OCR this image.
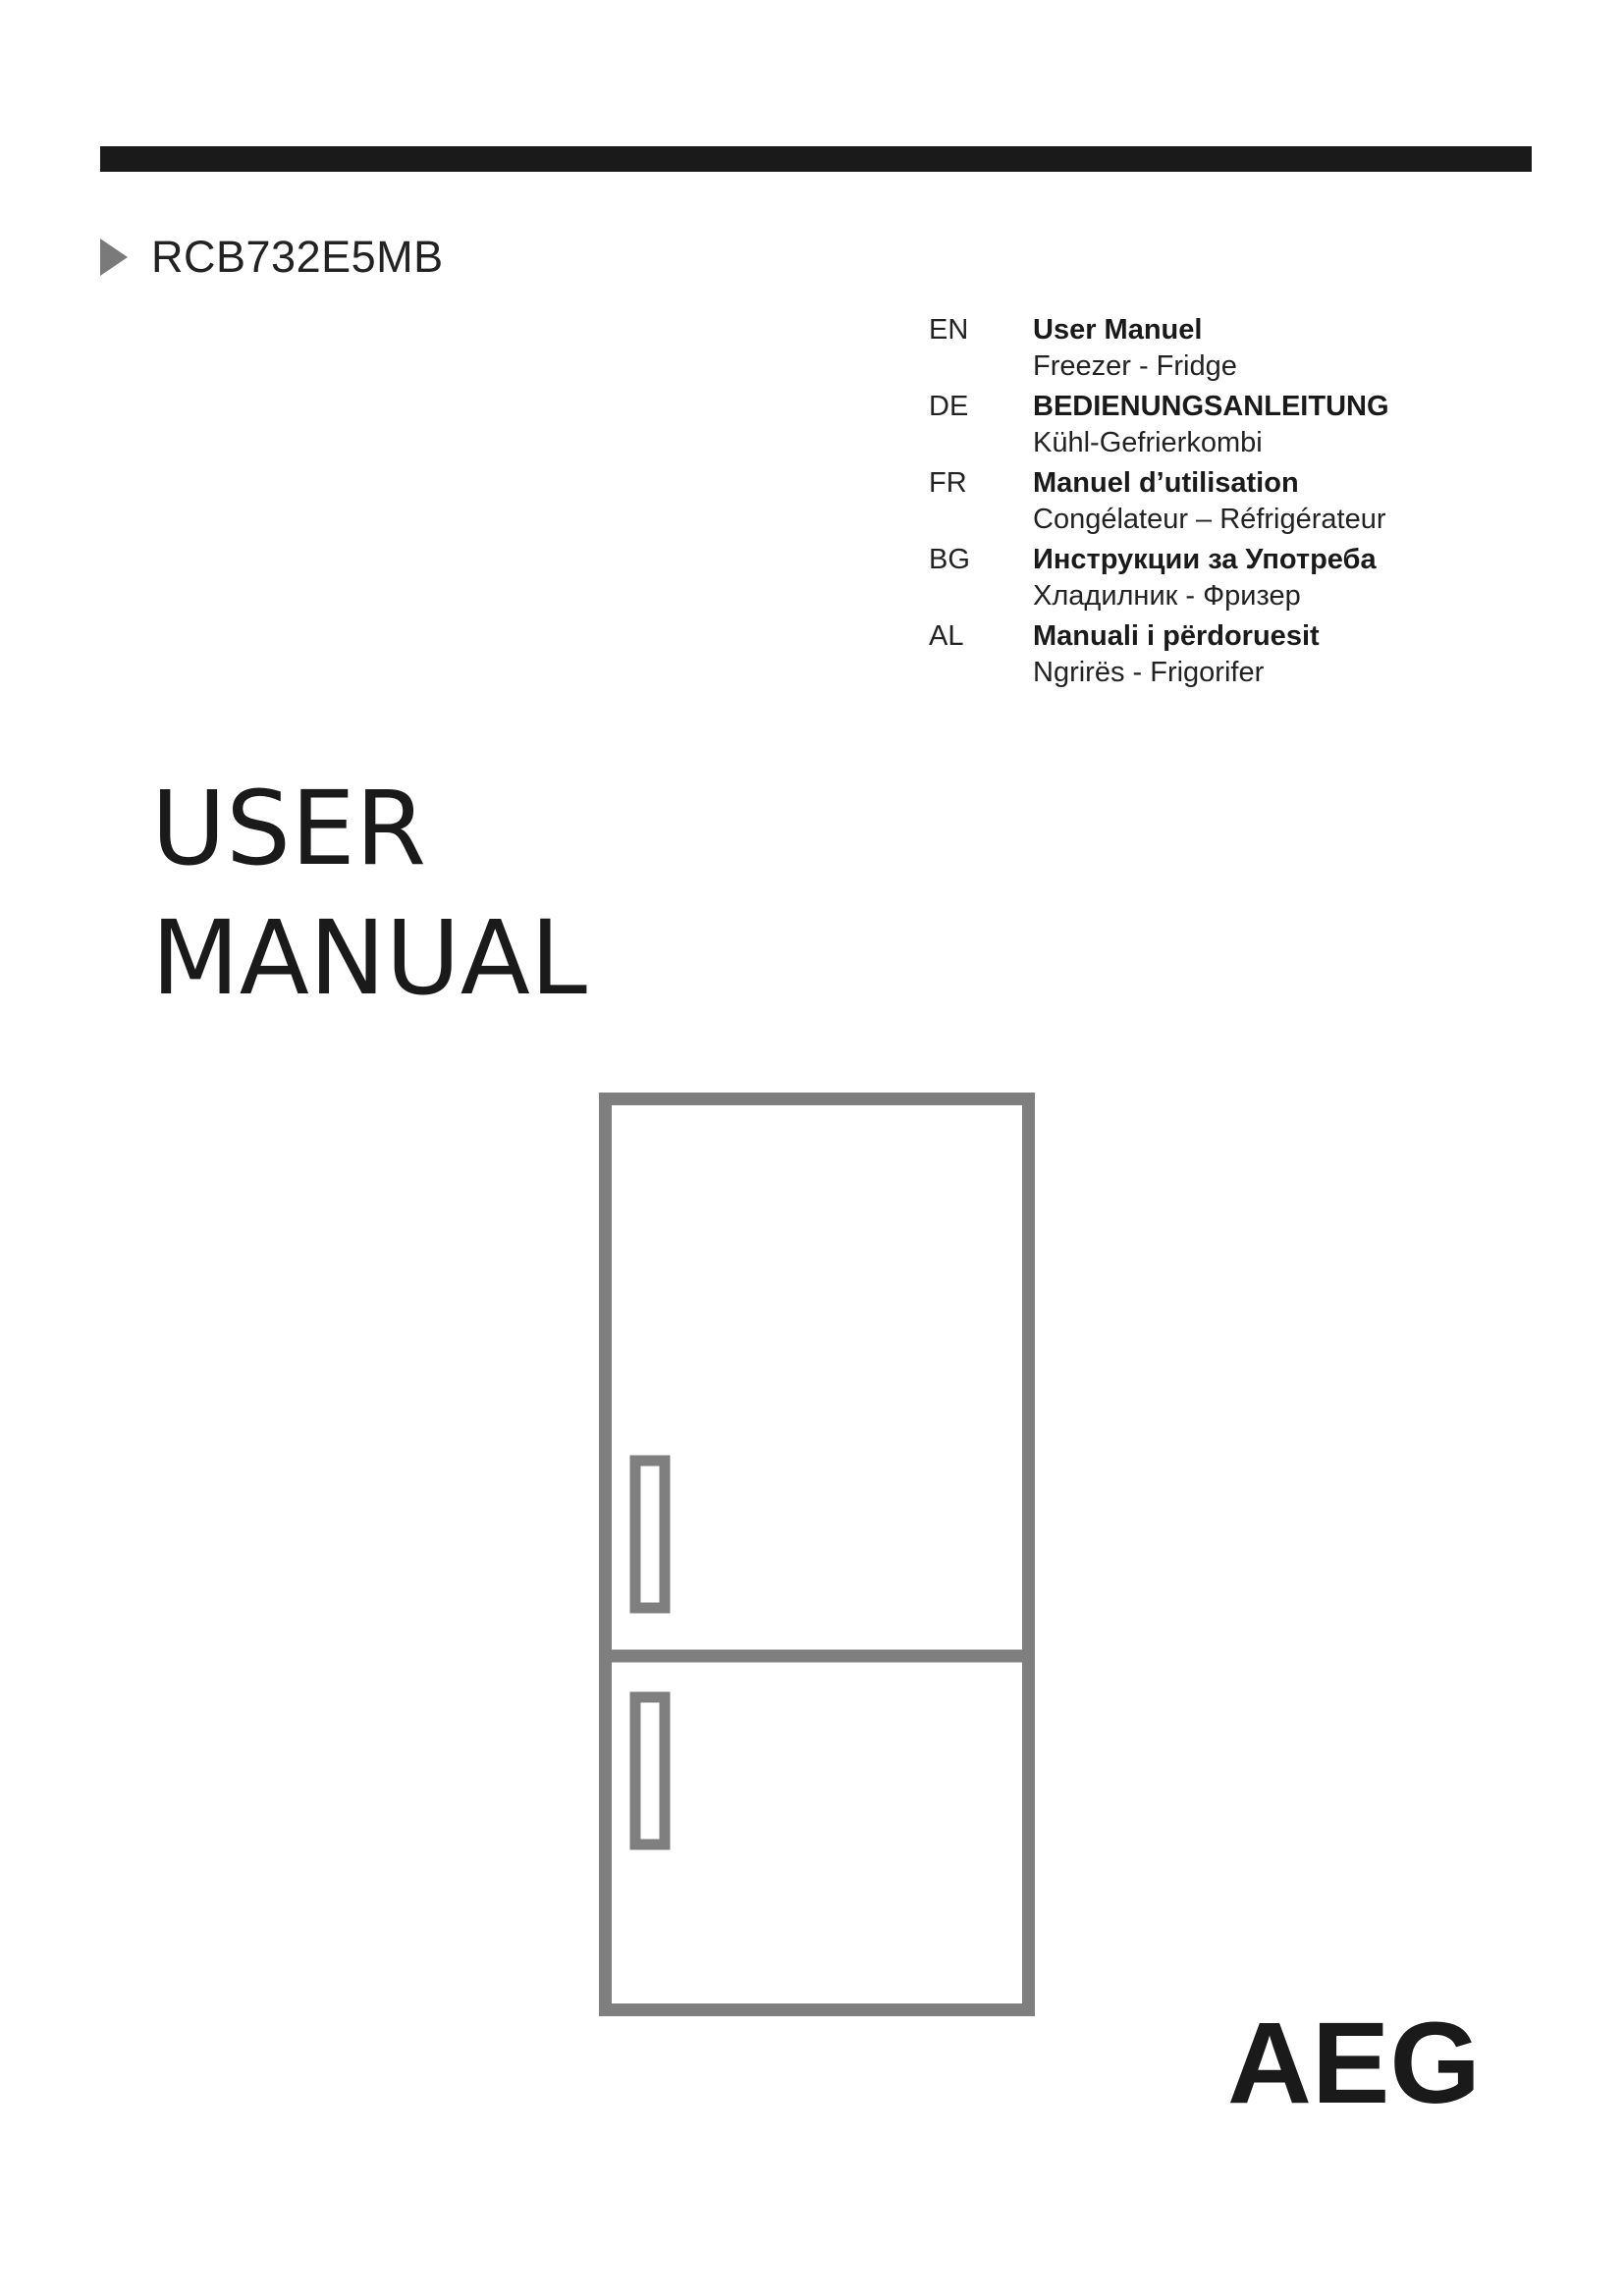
RCB732E5MB
EN	User Manuel
Freezer - Fridge
DE	BEDIENUNGSANLEITUNG
Kühl-Gefrierkombi
FR	Manuel d’utilisation
Congélateur – Réfrigérateur
BG	Инструкции за Употреба
Хладилник - Фризер
AL	Manuali i përdoruesit
Ngrirës - Frigorifer
USER
MANUAL
AEG
